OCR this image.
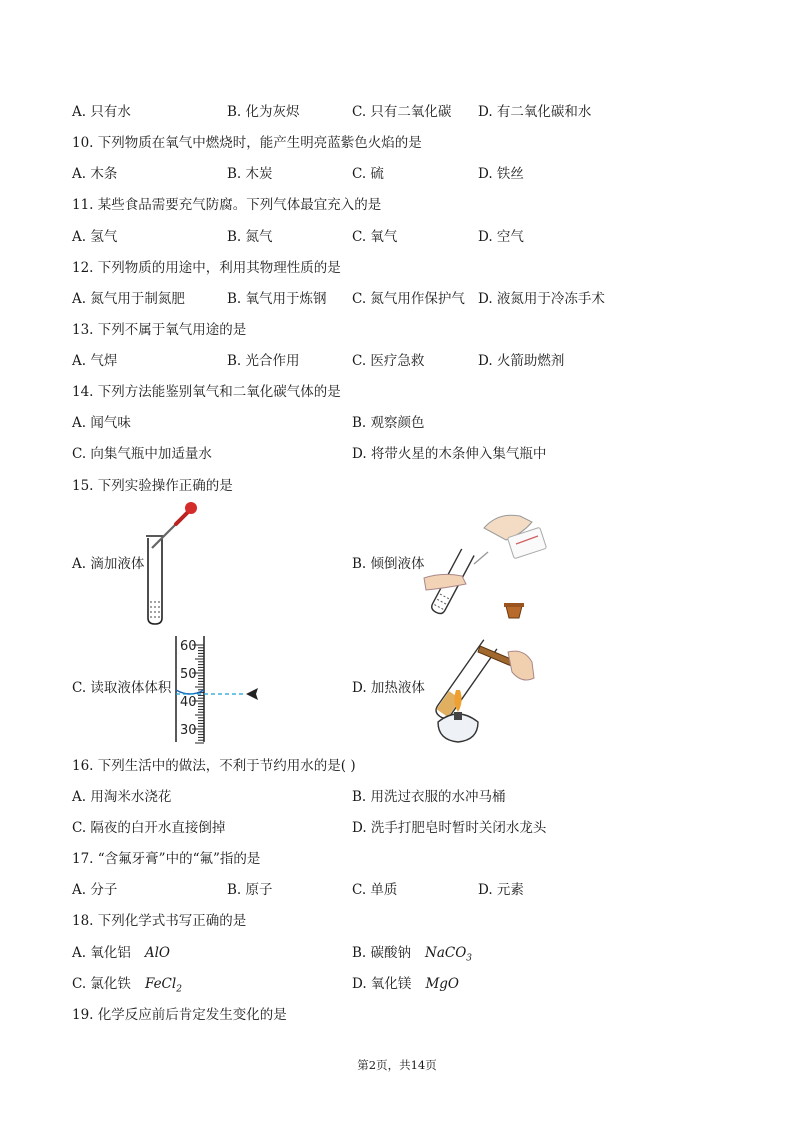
A. 只有水	B. 化为灰烬	C. 只有二氧化碳 D. 有二氧化碳和水
10. 下列物质在氧气中燃烧时，能产生明亮蓝紫色火焰的是
A. 木条	B. 木炭	C. 硫	D. 铁丝
11. 某些食品需要充气防腐。下列气体最宜充入的是
A. 氢气	B. 氮气	C. 氧气	D. 空气
12. 下列物质的用途中，利用其物理性质的是
A. 氮气用于制氮肥	B. 氧气用于炼钢 C. 氮气用作保护气 D. 液氮用于冷冻手术
13. 下列不属于氧气用途的是
A. 气焊	B. 光合作用	C. 医疗急救	D. 火箭助燃剂
14. 下列方法能鉴别氧气和二氧化碳气体的是
A. 闻气味	B. 观察颜色
C. 向集气瓶中加适量水	D. 将带火星的木条伸入集气瓶中
15. 下列实验操作正确的是
A. 滴加液体	B. 倾倒液体
C. 读取液体体积	D. 加热液体
60
50
40
30
16. 下列生活中的做法，不利于节约用水的是( )
A. 用淘米水浇花	B. 用洗过衣服的水冲马桶
C. 隔夜的白开水直接倒掉	D. 洗手打肥皂时暂时关闭水龙头
17. “含氟牙膏”中的“氟”指的是
A. 分子	B. 原子	C. 单质	D. 元素
18. 下列化学式书写正确的是
A. 氧化铝 AlO	B. 碳酸钠 NaCO$_3$
C. 氯化铁 FeCl$_2$	D. 氧化镁 MgO
19. 化学反应前后肯定发生变化的是
第2页，共14页
